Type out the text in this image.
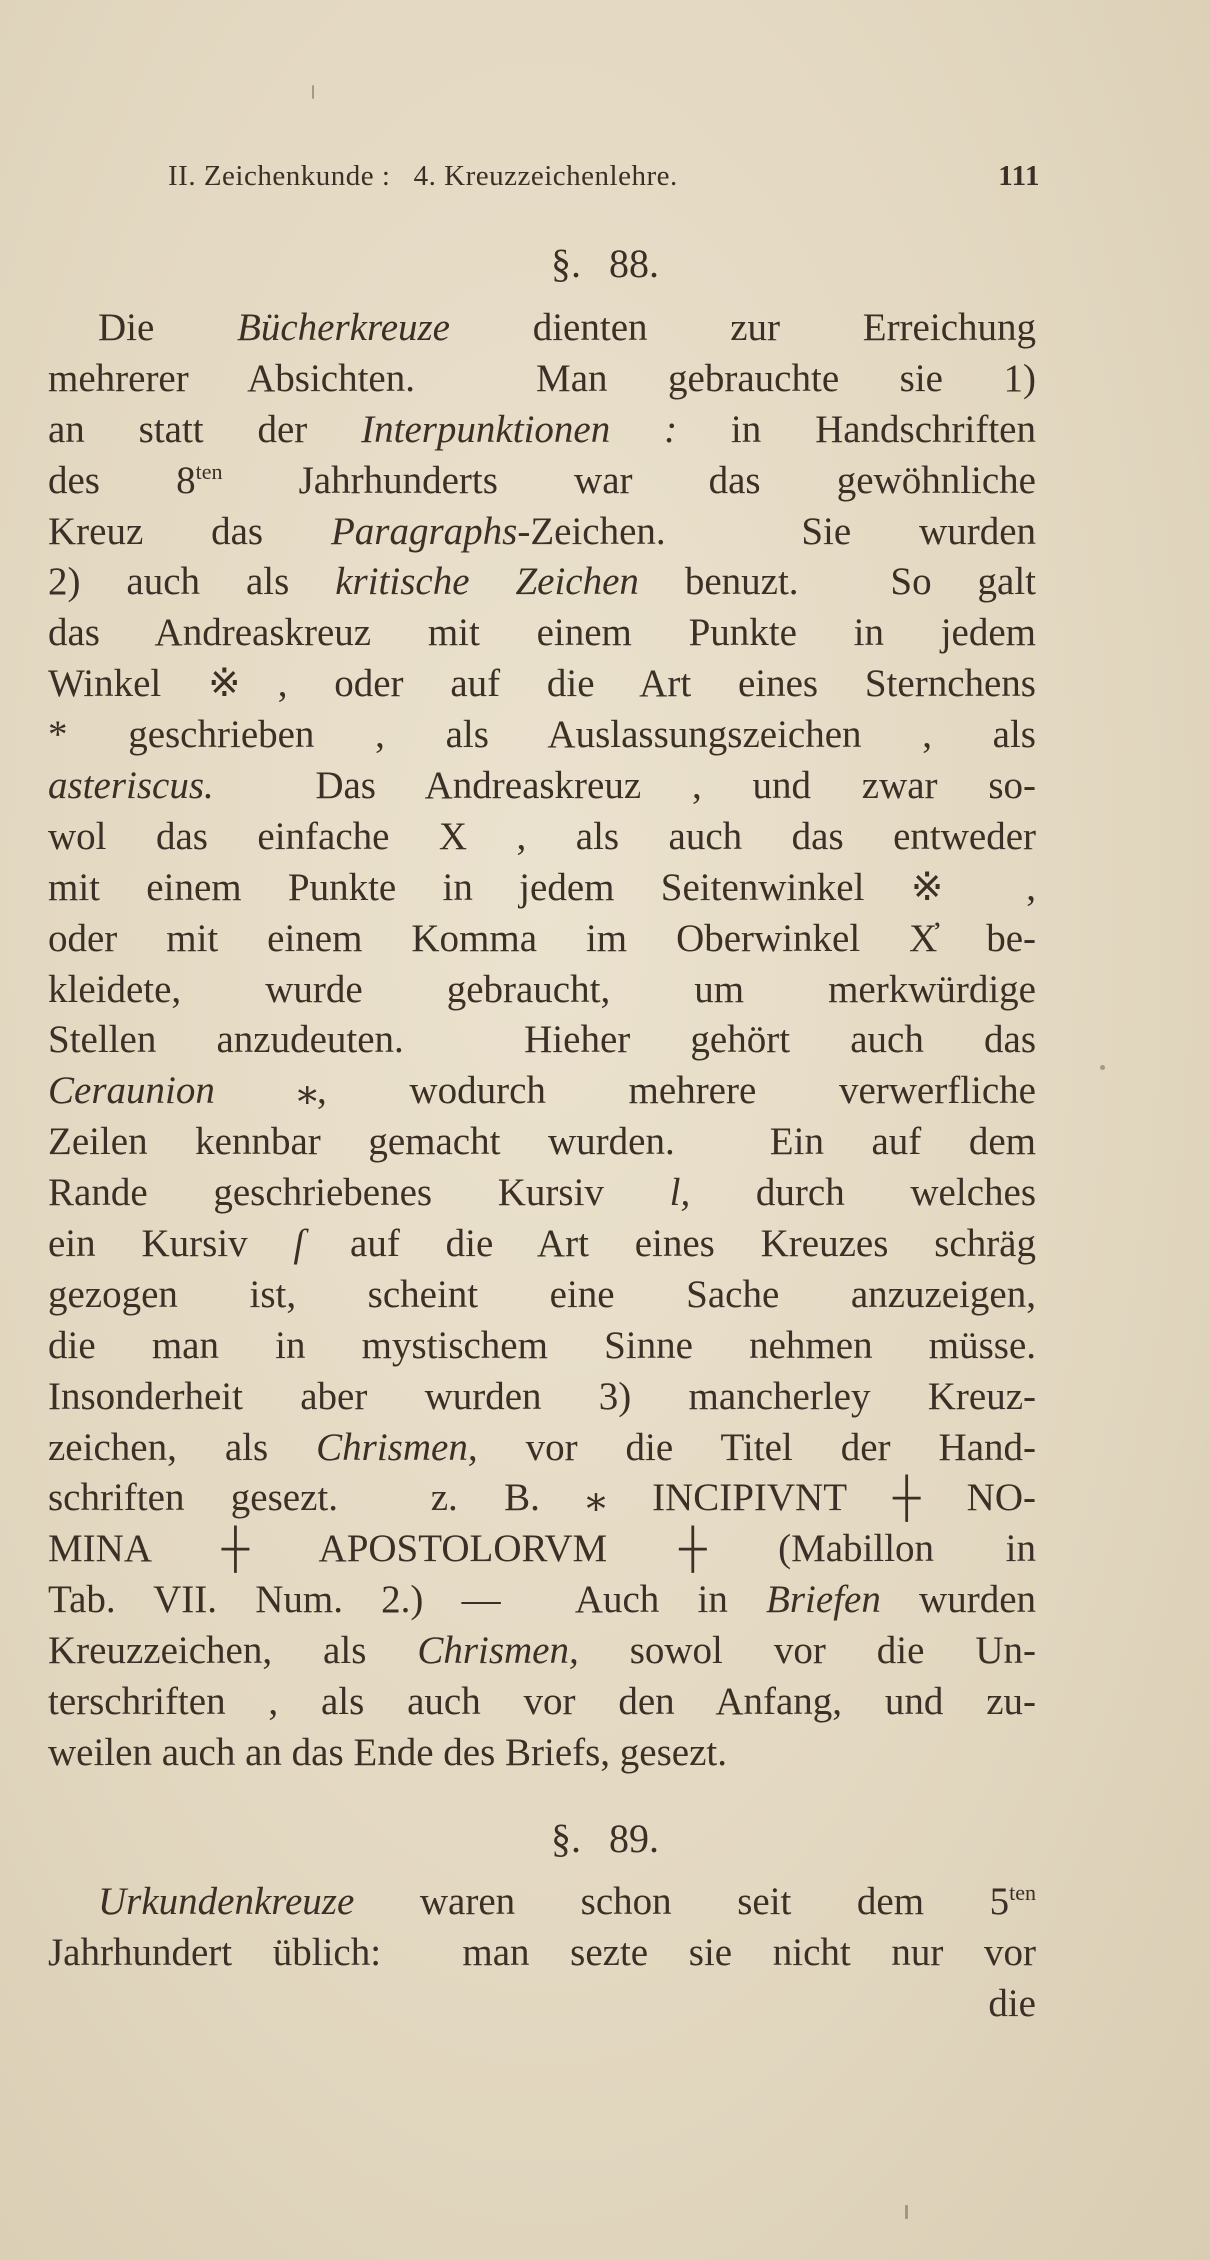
II. Zeichenkunde :   4. Kreuzzeichenlehre.	111
§. 88.
Die Bücherkreuze dienten zur Erreichung
mehrerer Absichten.  Man gebrauchte sie 1)
an statt der Interpunktionen : in Handschriften
des $8^{ten}$ Jahrhunderts war das gewöhnliche
Kreuz das Paragraphs-Zeichen.  Sie wurden
2) auch als kritische Zeichen benuzt.  So galt
das Andreaskreuz mit einem Punkte in jedem
Winkel ※, oder auf die Art eines Sternchens
* geschrieben , als Auslassungszeichen , als
asteriscus.  Das Andreaskreuz , und zwar so-
wol das einfache X , als auch das entweder
mit einem Punkte in jedem Seitenwinkel ※ ,
oder mit einem Komma im Oberwinkel X̓ be-
kleidete, wurde gebraucht, um merkwürdige
Stellen anzudeuten.  Hieher gehört auch das
Ceraunion ⁎, wodurch mehrere verwerfliche
Zeilen kennbar gemacht wurden.  Ein auf dem
Rande geschriebenes Kursiv l, durch welches
ein Kursiv ſ auf die Art eines Kreuzes schräg
gezogen ist, scheint eine Sache anzuzeigen,
die man in mystischem Sinne nehmen müsse.
Insonderheit aber wurden 3) mancherley Kreuz-
zeichen, als Chrismen, vor die Titel der Hand-
schriften gesezt.  z. B. ⁎ INCIPIVNT ┼ NO-
MINA ┼ APOSTOLORVM ┼ (Mabillon in
Tab. VII. Num. 2.) —  Auch in Briefen wurden
Kreuzzeichen, als Chrismen, sowol vor die Un-
terschriften , als auch vor den Anfang, und zu-
weilen auch an das Ende des Briefs, gesezt.
§. 89.
Urkundenkreuze waren schon seit dem $5^{ten}$
Jahrhundert üblich:  man sezte sie nicht nur vor
die
